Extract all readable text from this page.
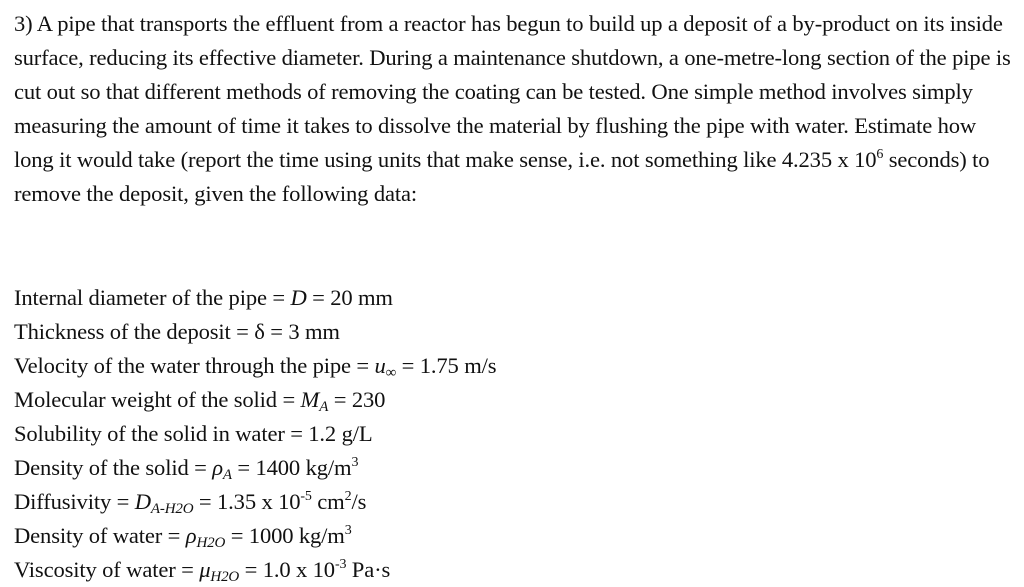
3) A pipe that transports the effluent from a reactor has begun to build up a deposit of a by-product on its inside surface, reducing its effective diameter. During a maintenance shutdown, a one-metre-long section of the pipe is cut out so that different methods of removing the coating can be tested. One simple method involves simply measuring the amount of time it takes to dissolve the material by flushing the pipe with water. Estimate how long it would take (report the time using units that make sense, i.e. not something like 4.235 x $10^6$ seconds) to remove the deposit, given the following data:

Internal diameter of the pipe = D = 20 mm
Thickness of the deposit = δ = 3 mm
Velocity of the water through the pipe = $u_\infty = 1.75$ m/s
Molecular weight of the solid = $M_A = 230$
Solubility of the solid in water = 1.2 g/L
Density of the solid = $\rho_A = 1400$ $kg/m^3$
Diffusivity = $D_{A-H2O} = 1.35$ x $10^{-5}$ $cm^2/s$
Density of water = $\rho_{H2O} = 1000$ $kg/m^3$
Viscosity of water = $\mu_{H2O} = 1.0$ x $10^{-3}$ Pa·s
